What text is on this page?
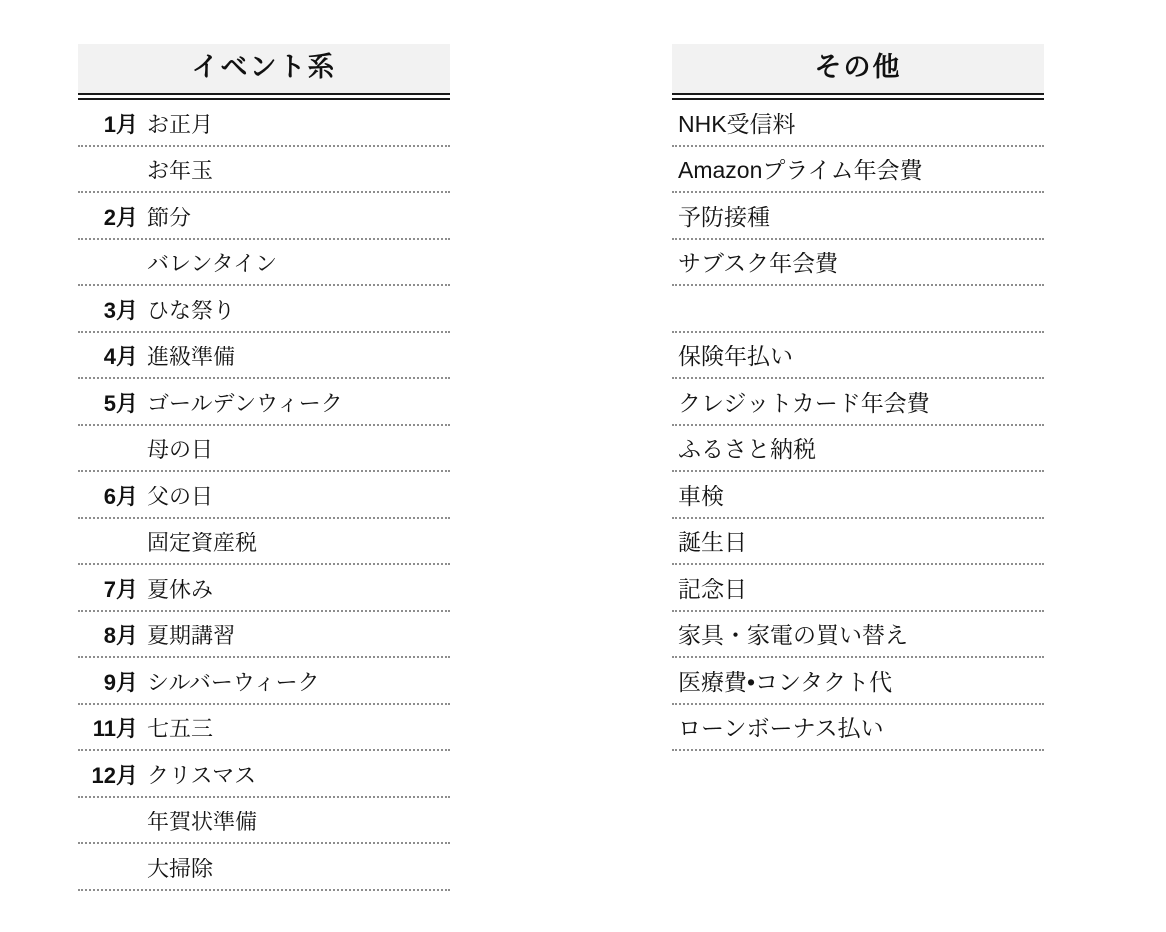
イベント系
1月 お正月
お年玉
2月 節分
バレンタイン
3月 ひな祭り
4月 進級準備
5月 ゴールデンウィーク
母の日
6月 父の日
固定資産税
7月 夏休み
8月 夏期講習
9月 シルバーウィーク
11月 七五三
12月 クリスマス
年賀状準備
大掃除
その他
NHK受信料
Amazonプライム年会費
予防接種
サブスク年会費
保険年払い
クレジットカード年会費
ふるさと納税
車検
誕生日
記念日
家具・家電の買い替え
医療費•コンタクト代
ローンボーナス払い
